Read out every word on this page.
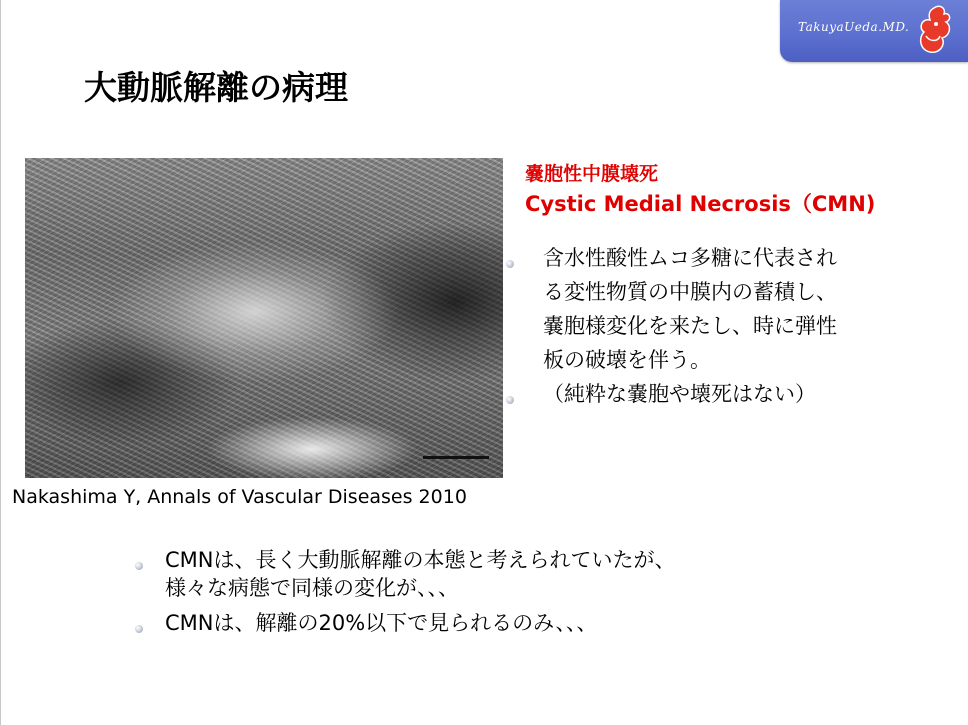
TakuyaUeda.MD.
大動脈解離の病理
Nakashima Y, Annals of Vascular Diseases 2010
嚢胞性中膜壊死
Cystic Medial Necrosis（CMN)
含水性酸性ムコ多糖に代表され
る変性物質の中膜内の蓄積し、
嚢胞様変化を来たし、時に弾性
板の破壊を伴う。
（純粋な嚢胞や壊死はない）
CMNは、長く大動脈解離の本態と考えられていたが、
様々な病態で同様の変化が、、、
CMNは、解離の20%以下で見られるのみ、、、
